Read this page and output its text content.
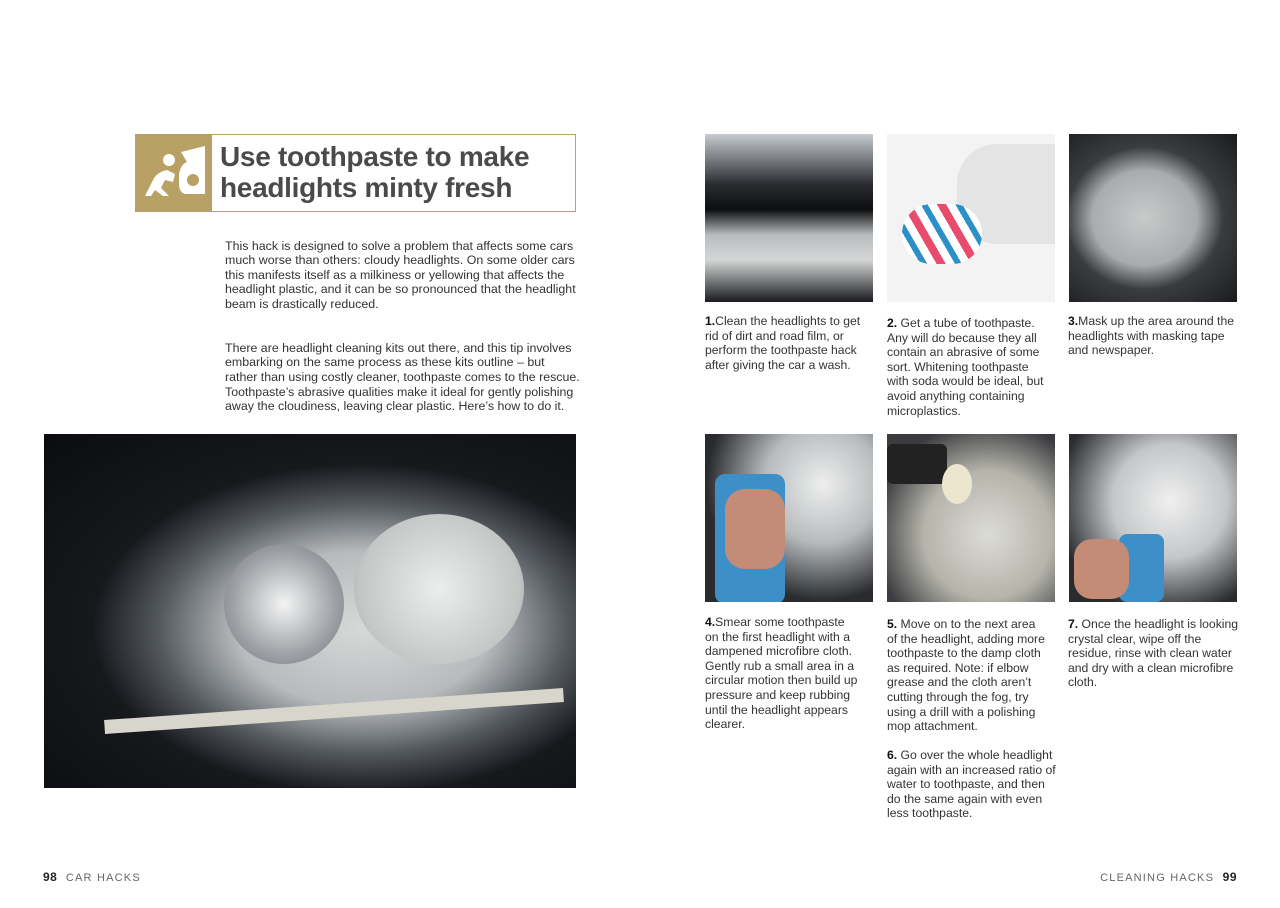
Use toothpaste to make
headlights minty fresh

This hack is designed to solve a problem that affects some cars
much worse than others: cloudy headlights. On some older cars
this manifests itself as a milkiness or yellowing that affects the
headlight plastic, and it can be so pronounced that the headlight
beam is drastically reduced.

There are headlight cleaning kits out there, and this tip involves
embarking on the same process as these kits outline – but
rather than using costly cleaner, toothpaste comes to the rescue.
Toothpaste’s abrasive qualities make it ideal for gently polishing
away the cloudiness, leaving clear plastic. Here’s how to do it.

1.Clean the headlights to get
rid of dirt and road film, or
perform the toothpaste hack
after giving the car a wash.
2. Get a tube of toothpaste.
Any will do because they all
contain an abrasive of some
sort. Whitening toothpaste
with soda would be ideal, but
avoid anything containing
microplastics.
3.Mask up the area around the
headlights with masking tape
and newspaper.
4.Smear some toothpaste
on the first headlight with a
dampened microfibre cloth.
Gently rub a small area in a
circular motion then build up
pressure and keep rubbing
until the headlight appears
clearer.
5. Move on to the next area
of the headlight, adding more
toothpaste to the damp cloth
as required. Note: if elbow
grease and the cloth aren’t
cutting through the fog, try
using a drill with a polishing
mop attachment.
6. Go over the whole headlight
again with an increased ratio of
water to toothpaste, and then
do the same again with even
less toothpaste.
7. Once the headlight is looking
crystal clear, wipe off the
residue, rinse with clean water
and dry with a clean microfibre
cloth.
98 CAR HACKS	CLEANING HACKS 99
